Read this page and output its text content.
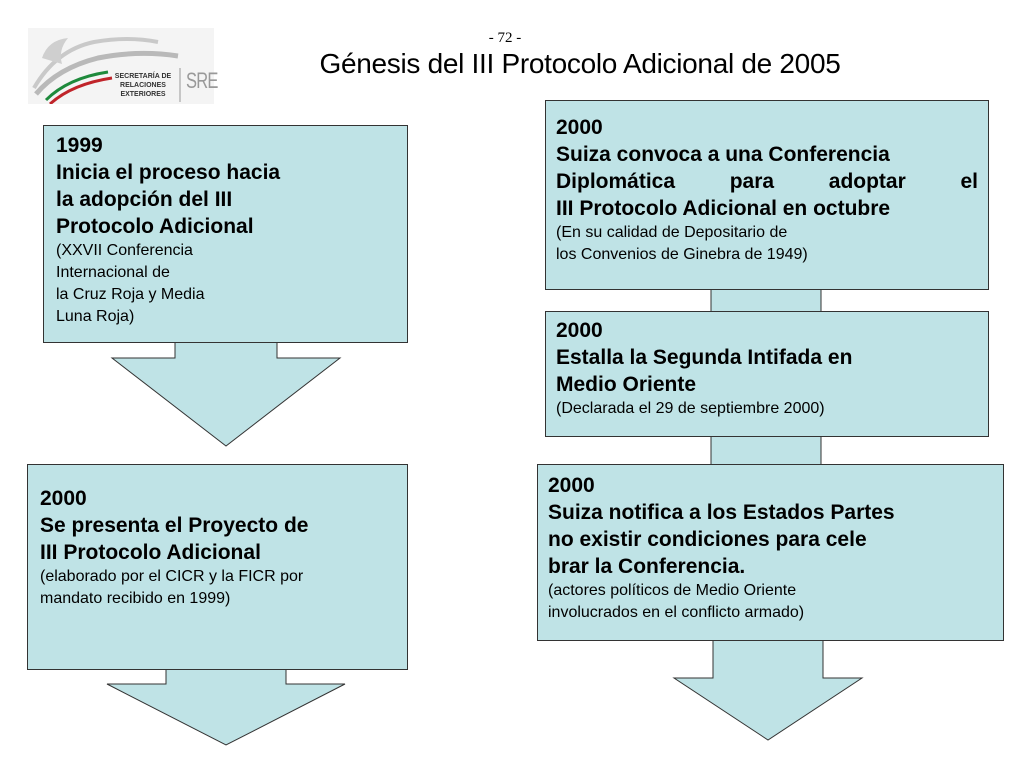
- 72 -
Génesis del III Protocolo Adicional de 2005
SECRETARÍA DE
RELACIONES
EXTERIORES
SRE
1999
Inicia el proceso hacia
la adopción del III
Protocolo Adicional
(XXVII Conferencia
Internacional de
la Cruz Roja y Media
Luna Roja)
2000
Se presenta el Proyecto de
III Protocolo Adicional
(elaborado por el CICR y la FICR por
mandato recibido en 1999)
2000
Suiza convoca a una Conferencia
Diplomática para adoptar el
III Protocolo Adicional en octubre
(En su calidad de Depositario de
los Convenios de Ginebra de 1949)
2000
Estalla la Segunda Intifada en
Medio Oriente
(Declarada el 29 de septiembre 2000)
2000
Suiza notifica a los Estados Partes
no existir condiciones para cele
brar la Conferencia.
(actores políticos de Medio Oriente
involucrados en el conflicto armado)
